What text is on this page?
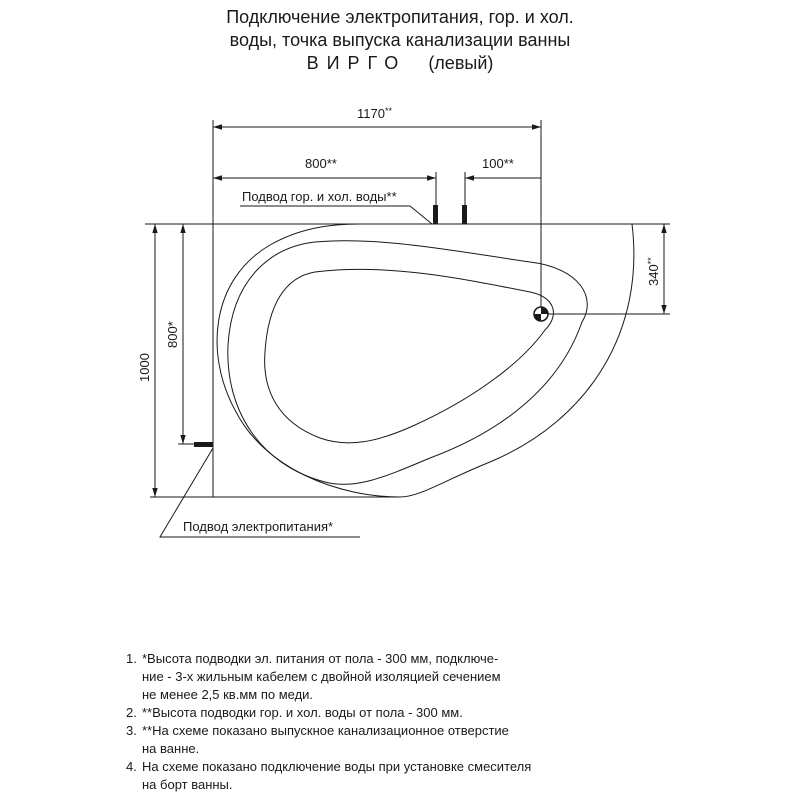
Подключение электропитания, гор. и хол.
воды, точка выпуска канализации ванны
ВИРГО (левый)
1170**
800**	100**
340**
1000
800*
Подвод гор. и хол. воды**
Подвод электропитания*
1. *Высота подводки эл. питания от пола - 300 мм, подключе-
ние - 3-х жильным кабелем с двойной изоляцией сечением
не менее 2,5 кв.мм по меди.
2. **Высота подводки гор. и хол. воды от пола - 300 мм.
3. **На схеме показано выпускное канализационное отверстие
на ванне.
4. На схеме показано подключение воды при установке смесителя
на борт ванны.
